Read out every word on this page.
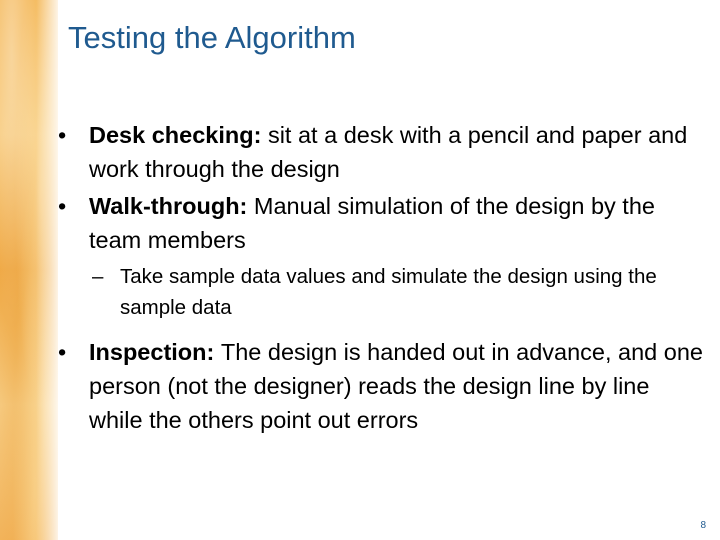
Testing the Algorithm
• Desk checking: sit at a desk with a pencil and paper and work through the design
• Walk-through: Manual simulation of the design by the team members
– Take sample data values and simulate the design using the sample data
• Inspection: The design is handed out in advance, and one person (not the designer) reads the design line by line while the others point out errors
8
